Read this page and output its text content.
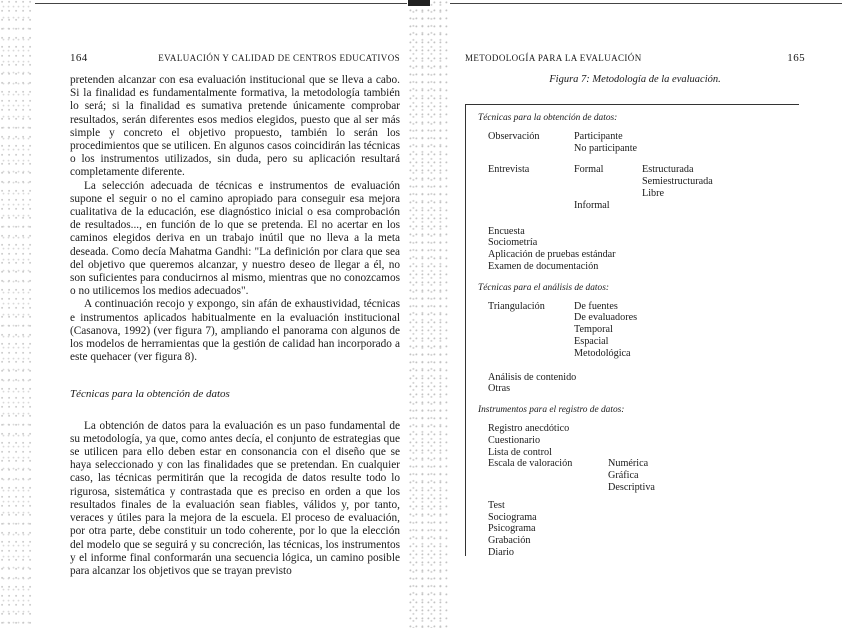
164	EVALUACIÓN Y CALIDAD DE CENTROS EDUCATIVOS

pretenden alcanzar con esa evaluación institucional que se lleva a cabo. Si la finalidad es fundamentalmente formativa, la metodología también lo será; si la finalidad es sumativa pretende únicamente comprobar resultados, serán diferentes esos medios elegidos, puesto que al ser más simple y concreto el objetivo propuesto, también lo serán los procedimientos que se utilicen. En algunos casos coincidirán las técnicas o los instrumentos utilizados, sin duda, pero su aplicación resultará completamente diferente.

La selección adecuada de técnicas e instrumentos de evaluación supone el seguir o no el camino apropiado para conseguir esa mejora cualitativa de la educación, ese diagnóstico inicial o esa comprobación de resultados..., en función de lo que se pretenda. El no acertar en los caminos elegidos deriva en un trabajo inútil que no lleva a la meta deseada. Como decía Mahatma Gandhi: "La definición por clara que sea del objetivo que queremos alcanzar, y nuestro deseo de llegar a él, no son suficientes para conducirnos al mismo, mientras que no conozcamos o no utilicemos los medios adecuados".

A continuación recojo y expongo, sin afán de exhaustividad, técnicas e instrumentos aplicados habitualmente en la evaluación institucional (Casanova, 1992) (ver figura 7), ampliando el panorama con algunos de los modelos de herramientas que la gestión de calidad han incorporado a este quehacer (ver figura 8).

Técnicas para la obtención de datos

La obtención de datos para la evaluación es un paso fundamental de su metodología, ya que, como antes decía, el conjunto de estrategias que se utilicen para ello deben estar en consonancia con el diseño que se haya seleccionado y con las finalidades que se pretendan. En cualquier caso, las técnicas permitirán que la recogida de datos resulte todo lo rigurosa, sistemática y contrastada que es preciso en orden a que los resultados finales de la evaluación sean fiables, válidos y, por tanto, veraces y útiles para la mejora de la escuela. El proceso de evaluación, por otra parte, debe constituir un todo coherente, por lo que la elección del modelo que se seguirá y su concreción, las técnicas, los instrumentos y el informe final conformarán una secuencia lógica, un camino posible para alcanzar los objetivos que se trayan previsto

METODOLOGÍA PARA LA EVALUACIÓN	165
Figura 7: Metodología de la evaluación.
Técnicas para la obtención de datos:
Observación	Participante
No participante
Entrevista	Formal	Estructurada
Semiestructurada
Libre
Informal
Encuesta
Sociometría
Aplicación de pruebas estándar
Examen de documentación
Técnicas para el análisis de datos:
Triangulación	De fuentes
De evaluadores
Temporal
Espacial
Metodológica
Análisis de contenido
Otras
Instrumentos para el registro de datos:
Registro anecdótico
Cuestionario
Lista de control
Escala de valoración	Numérica
Gráfica
Descriptiva
Test
Sociograma
Psicograma
Grabación
Diario
